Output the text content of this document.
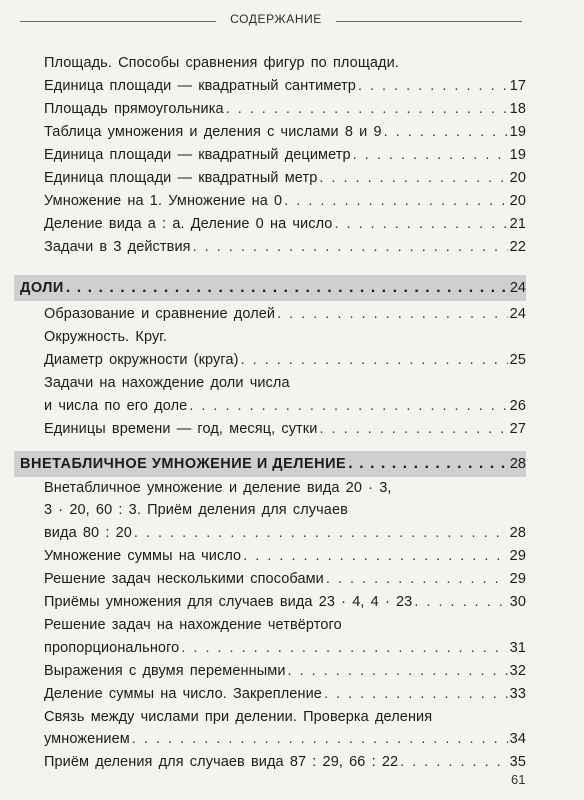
СОДЕРЖАНИЕ
Площадь. Способы сравнения фигур по площади.
Единица площади — квадратный сантиметр . . .	17
Площадь прямоугольника . . .	18
Таблица умножения и деления с числами 8 и 9 . . .	19
Единица площади — квадратный дециметр . . .	19
Единица площади — квадратный метр . . .	20
Умножение на 1. Умножение на 0 . . .	20
Деление вида а : а. Деление 0 на число . . .	21
Задачи в 3 действия . . .	22
ДОЛИ . . .	24
Образование и сравнение долей . . .	24
Окружность. Круг.
Диаметр окружности (круга) . . .	25
Задачи на нахождение доли числа
и числа по его доле . . .	26
Единицы времени — год, месяц, сутки . . .	27
ВНЕТАБЛИЧНОЕ УМНОЖЕНИЕ И ДЕЛЕНИЕ . . .	28
Внетабличное умножение и деление вида 20 · 3,
3 · 20, 60 : 3. Приём деления для случаев
вида 80 : 20 . . .	28
Умножение суммы на число . . .	29
Решение задач несколькими способами . . .	29
Приёмы умножения для случаев вида 23 · 4, 4 · 23 . . .	30
Решение задач на нахождение четвёртого
пропорционального . . .	31
Выражения с двумя переменными . . .	32
Деление суммы на число. Закрепление . . .	33
Связь между числами при делении. Проверка деления
умножением . . .	34
Приём деления для случаев вида 87 : 29, 66 : 22 . . .	35
61
